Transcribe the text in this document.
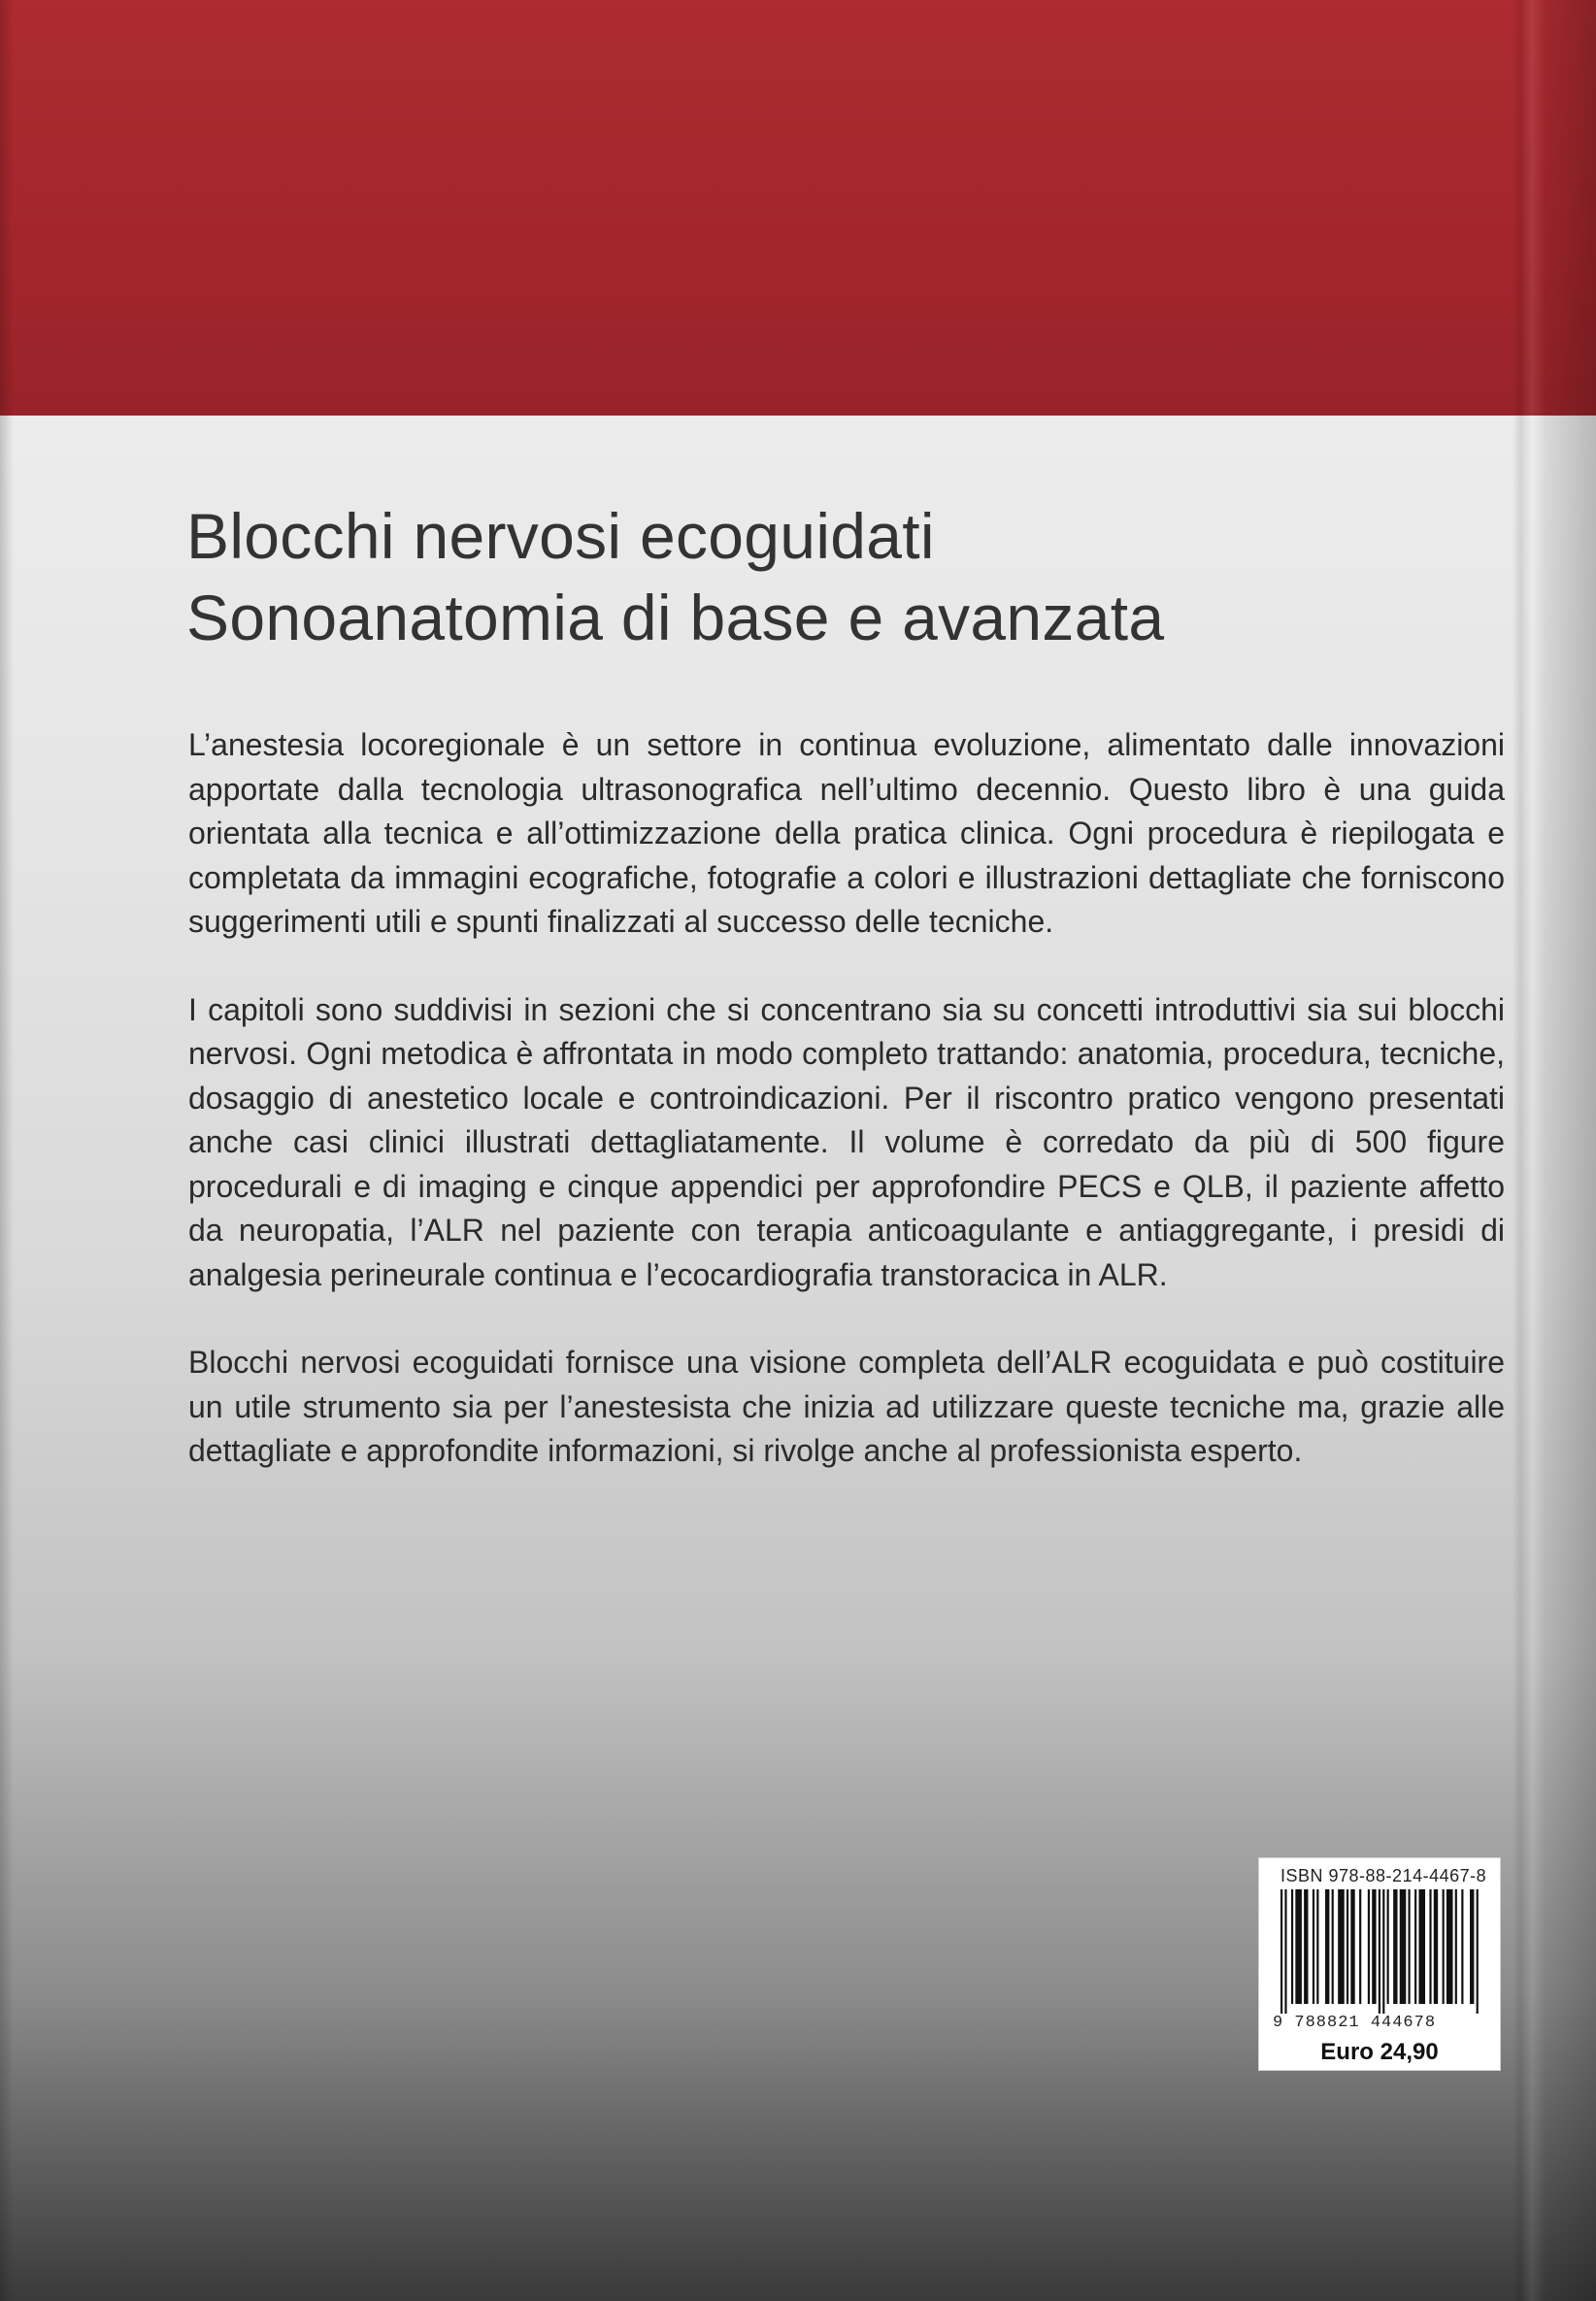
Blocchi nervosi ecoguidati
Sonoanatomia di base e avanzata

L’anestesia locoregionale è un settore in continua evoluzione, alimentato dalle innovazioni apportate dalla tecnologia ultrasonografica nell’ultimo decennio. Questo libro è una guida orientata alla tecnica e all’ottimizzazione della pratica clinica. Ogni procedura è riepilogata e completata da immagini ecografiche, fotografie a colori e illustrazioni dettagliate che forniscono suggerimenti utili e spunti finalizzati al successo delle tecniche.

I capitoli sono suddivisi in sezioni che si concentrano sia su concetti introduttivi sia sui blocchi nervosi. Ogni metodica è affrontata in modo completo trattando: anatomia, procedura, tecniche, dosaggio di anestetico locale e controindicazioni. Per il riscontro pratico vengono presentati anche casi clinici illustrati dettagliatamente. Il volume è corredato da più di 500 figure procedurali e di imaging e cinque appendici per approfondire PECS e QLB, il paziente affetto da neuropatia, l’ALR nel paziente con terapia anticoagulante e antiaggregante, i presidi di analgesia perineurale continua e l’ecocardiografia transtoracica in ALR.

Blocchi nervosi ecoguidati fornisce una visione completa dell’ALR ecoguidata e può costituire un utile strumento sia per l’anestesista che inizia ad utilizzare queste tecniche ma, grazie alle dettagliate e approfondite informazioni, si rivolge anche al professionista esperto.

ISBN 978-88-214-4467-8
9 788821 444678
Euro 24,90
